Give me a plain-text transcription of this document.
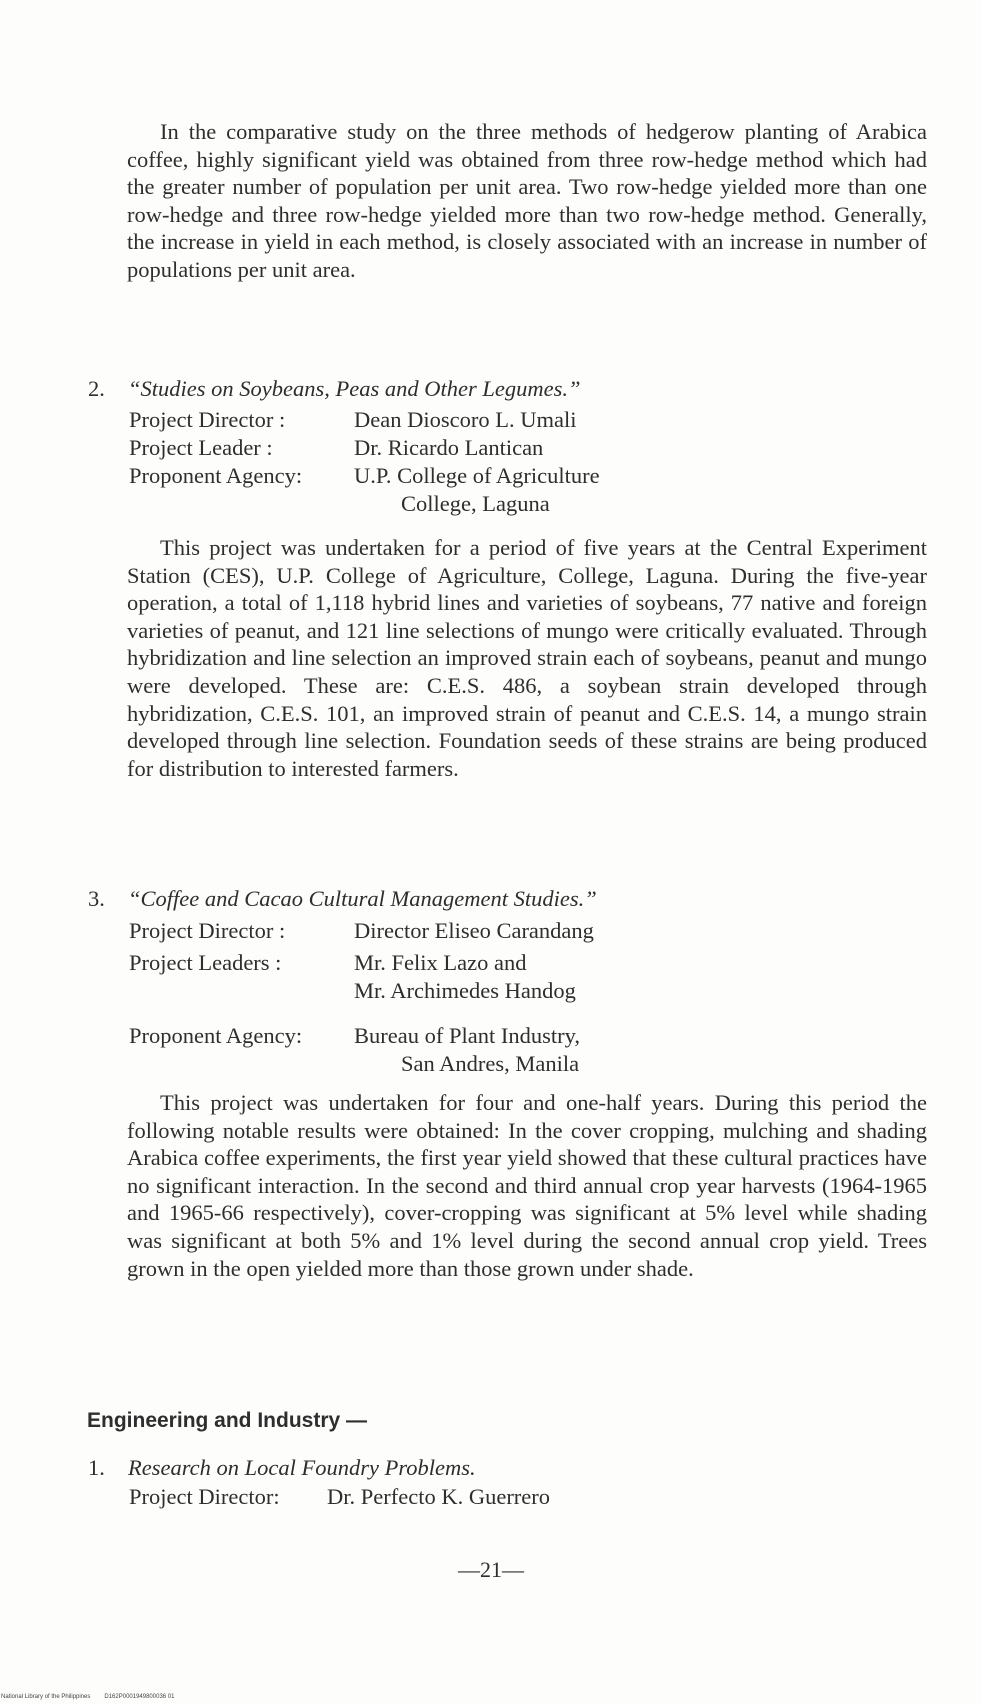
In the comparative study on the three methods of hedgerow planting of Arabica coffee, highly significant yield was obtained from three row-hedge method which had the greater number of population per unit area. Two row-hedge yielded more than one row-hedge and three row-hedge yielded more than two row-hedge method. Generally, the increase in yield in each method, is closely associated with an increase in number of populations per unit area.

2. “Studies on Soybeans, Peas and Other Legumes.”
Project Director :	Dean Dioscoro L. Umali
Project Leader :	Dr. Ricardo Lantican
Proponent Agency: U.P. College of Agriculture
College, Laguna

This project was undertaken for a period of five years at the Central Experiment Station (CES), U.P. College of Agriculture, College, Laguna. During the five-year operation, a total of 1,118 hybrid lines and varieties of soybeans, 77 native and foreign varieties of peanut, and 121 line selections of mungo were critically evaluated. Through hybridization and line selection an improved strain each of soybeans, peanut and mungo were developed. These are: C.E.S. 486, a soybean strain developed through hybridization, C.E.S. 101, an improved strain of peanut and C.E.S. 14, a mungo strain developed through line selection. Foundation seeds of these strains are being produced for distribution to interested farmers.

3. “Coffee and Cacao Cultural Management Studies.”
Project Director :	Director Eliseo Carandang
Project Leaders :	Mr. Felix Lazo and
Mr. Archimedes Handog
Proponent Agency: Bureau of Plant Industry,
San Andres, Manila

This project was undertaken for four and one-half years. During this period the following notable results were obtained: In the cover cropping, mulching and shading Arabica coffee experiments, the first year yield showed that these cultural practices have no significant interaction. In the second and third annual crop year harvests (1964-1965 and 1965-66 respectively), cover-cropping was significant at 5% level while shading was significant at both 5% and 1% level during the second annual crop yield. Trees grown in the open yielded more than those grown under shade.

Engineering and Industry —
1. Research on Local Foundry Problems.
Project Director: Dr. Perfecto K. Guerrero
—21—
National Library of the Philippines D162P0001949800036 01
